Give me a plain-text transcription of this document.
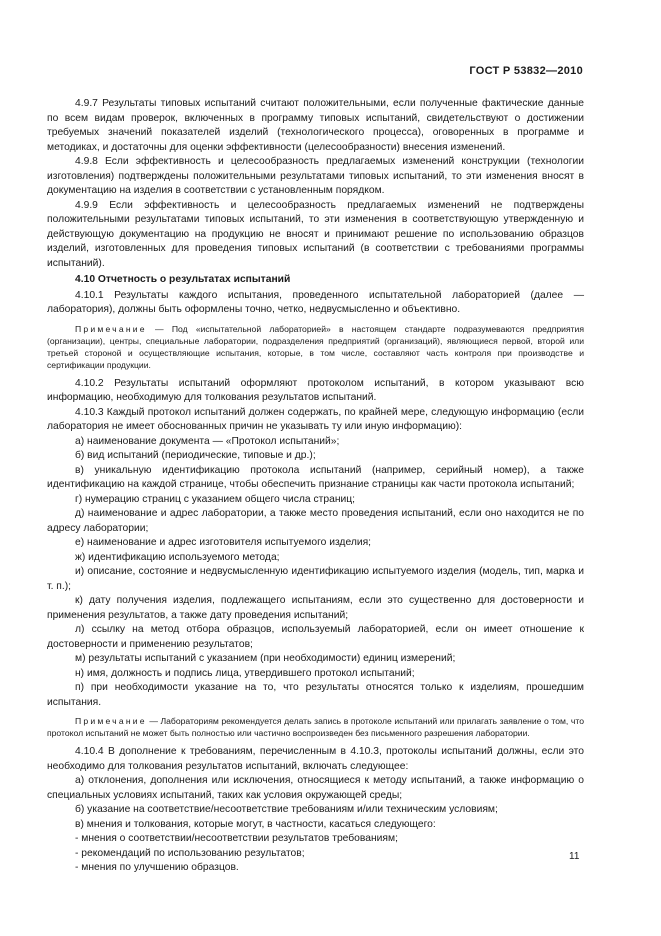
ГОСТ Р 53832—2010

4.9.7 Результаты типовых испытаний считают положительными, если полученные фактические данные по всем видам проверок, включенных в программу типовых испытаний, свидетельствуют о достижении требуемых значений показателей изделий (технологического процесса), оговоренных в программе и методиках, и достаточны для оценки эффективности (целесообразности) внесения изменений.

4.9.8 Если эффективность и целесообразность предлагаемых изменений конструкции (технологии изготовления) подтверждены положительными результатами типовых испытаний, то эти изменения вносят в документацию на изделия в соответствии с установленным порядком.

4.9.9 Если эффективность и целесообразность предлагаемых изменений не подтверждены положительными результатами типовых испытаний, то эти изменения в соответствующую утвержденную и действующую документацию на продукцию не вносят и принимают решение по использованию образцов изделий, изготовленных для проведения типовых испытаний (в соответствии с требованиями программы испытаний).

4.10 Отчетность о результатах испытаний

4.10.1 Результаты каждого испытания, проведенного испытательной лабораторией (далее — лаборатория), должны быть оформлены точно, четко, недвусмысленно и объективно.

Примечание — Под «испытательной лабораторией» в настоящем стандарте подразумеваются предприятия (организации), центры, специальные лаборатории, подразделения предприятий (организаций), являющиеся первой, второй или третьей стороной и осуществляющие испытания, которые, в том числе, составляют часть контроля при производстве и сертификации продукции.

4.10.2 Результаты испытаний оформляют протоколом испытаний, в котором указывают всю информацию, необходимую для толкования результатов испытаний.

4.10.3 Каждый протокол испытаний должен содержать, по крайней мере, следующую информацию (если лаборатория не имеет обоснованных причин не указывать ту или иную информацию):

а) наименование документа — «Протокол испытаний»;

б) вид испытаний (периодические, типовые и др.);

в) уникальную идентификацию протокола испытаний (например, серийный номер), а также идентификацию на каждой странице, чтобы обеспечить признание страницы как части протокола испытаний;

г) нумерацию страниц с указанием общего числа страниц;

д) наименование и адрес лаборатории, а также место проведения испытаний, если оно находится не по адресу лаборатории;

е) наименование и адрес изготовителя испытуемого изделия;

ж) идентификацию используемого метода;

и) описание, состояние и недвусмысленную идентификацию испытуемого изделия (модель, тип, марка и т. п.);

к) дату получения изделия, подлежащего испытаниям, если это существенно для достоверности и применения результатов, а также дату проведения испытаний;

л) ссылку на метод отбора образцов, используемый лабораторией, если он имеет отношение к достоверности и применению результатов;

м) результаты испытаний с указанием (при необходимости) единиц измерений;

н) имя, должность и подпись лица, утвердившего протокол испытаний;

п) при необходимости указание на то, что результаты относятся только к изделиям, прошедшим испытания.

Примечание — Лабораториям рекомендуется делать запись в протоколе испытаний или прилагать заявление о том, что протокол испытаний не может быть полностью или частично воспроизведен без письменного разрешения лаборатории.

4.10.4 В дополнение к требованиям, перечисленным в 4.10.3, протоколы испытаний должны, если это необходимо для толкования результатов испытаний, включать следующее:

а) отклонения, дополнения или исключения, относящиеся к методу испытаний, а также информацию о специальных условиях испытаний, таких как условия окружающей среды;

б) указание на соответствие/несоответствие требованиям и/или техническим условиям;

в) мнения и толкования, которые могут, в частности, касаться следующего:

- мнения о соответствии/несоответствии результатов требованиям;

- рекомендаций по использованию результатов;

- мнения по улучшению образцов.

11
